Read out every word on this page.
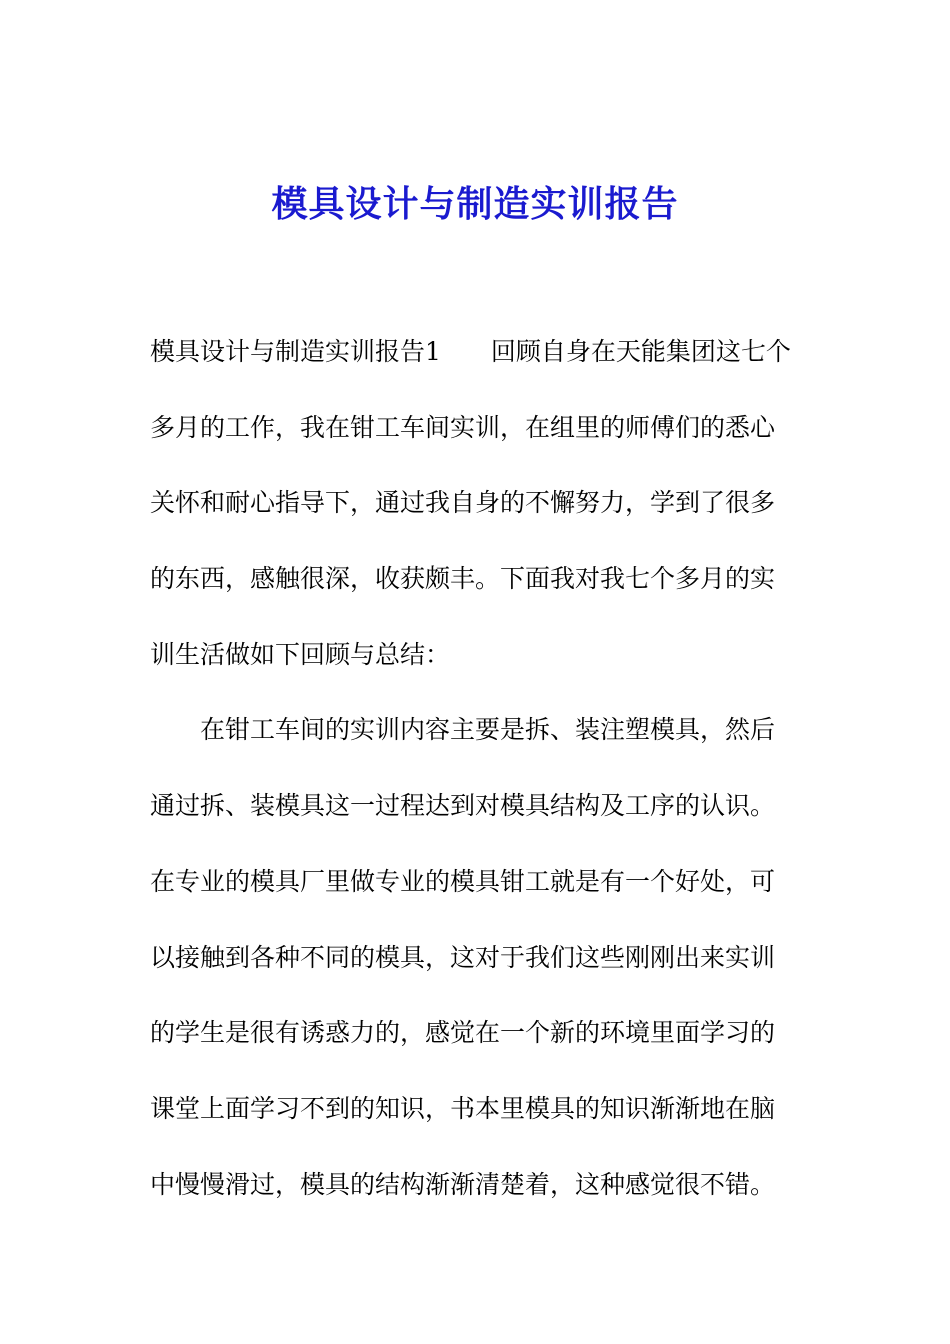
模具设计与制造实训报告
模具设计与制造实训报告1　　回顾自身在天能集团这七个
多月的工作，我在钳工车间实训，在组里的师傅们的悉心
关怀和耐心指导下，通过我自身的不懈努力，学到了很多
的东西，感触很深，收获颇丰。下面我对我七个多月的实
训生活做如下回顾与总结：
　　在钳工车间的实训内容主要是拆、装注塑模具，然后
通过拆、装模具这一过程达到对模具结构及工序的认识。
在专业的模具厂里做专业的模具钳工就是有一个好处，可
以接触到各种不同的模具，这对于我们这些刚刚出来实训
的学生是很有诱惑力的，感觉在一个新的环境里面学习的
课堂上面学习不到的知识，书本里模具的知识渐渐地在脑
中慢慢滑过，模具的结构渐渐清楚着，这种感觉很不错。
